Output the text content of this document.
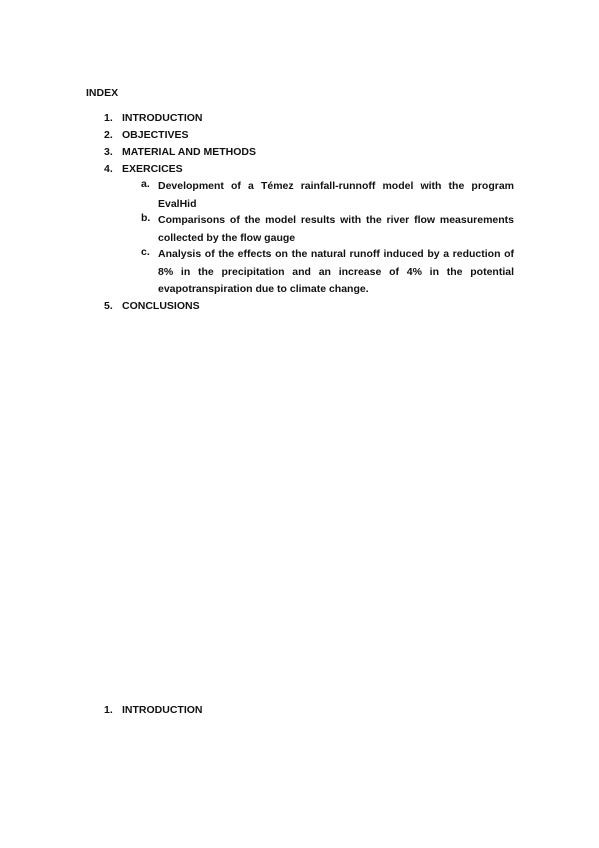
INDEX
1. INTRODUCTION
2. OBJECTIVES
3. MATERIAL AND METHODS
4. EXERCICES
a. Development of a Témez rainfall-runnoff model with the program EvalHid
b. Comparisons of the model results with the river flow measurements collected by the flow gauge
c. Analysis of the effects on the natural runoff induced by a reduction of 8% in the precipitation and an increase of 4% in the potential evapotranspiration due to climate change.
5. CONCLUSIONS
1. INTRODUCTION
